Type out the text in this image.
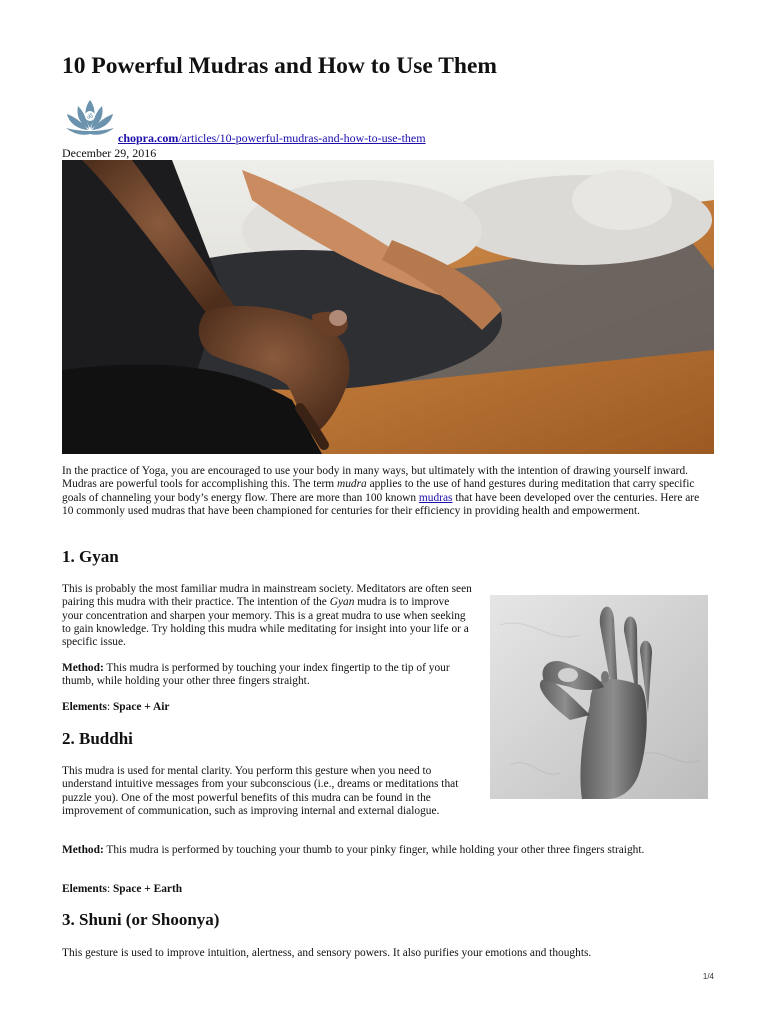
10 Powerful Mudras and How to Use Them
ॐ
chopra.com/articles/10-powerful-mudras-and-how-to-use-them
December 29, 2016

In the practice of Yoga, you are encouraged to use your body in many ways, but ultimately with the intention of drawing yourself inward. Mudras are powerful tools for accomplishing this. The term mudra applies to the use of hand gestures during meditation that carry specific goals of channeling your body’s energy flow. There are more than 100 known mudras that have been developed over the centuries. Here are 10 commonly used mudras that have been championed for centuries for their efficiency in providing health and empowerment.

1. Gyan

This is probably the most familiar mudra in mainstream society. Meditators are often seen pairing this mudra with their practice. The intention of the Gyan mudra is to improve your concentration and sharpen your memory. This is a great mudra to use when seeking to gain knowledge. Try holding this mudra while meditating for insight into your life or a specific issue.

Method: This mudra is performed by touching your index fingertip to the tip of your thumb, while holding your other three fingers straight.

Elements: Space + Air

2. Buddhi

This mudra is used for mental clarity. You perform this gesture when you need to understand intuitive messages from your subconscious (i.e., dreams or meditations that puzzle you). One of the most powerful benefits of this mudra can be found in the improvement of communication, such as improving internal and external dialogue.

Method: This mudra is performed by touching your thumb to your pinky finger, while holding your other three fingers straight.

Elements: Space + Earth

3. Shuni (or Shoonya)

This gesture is used to improve intuition, alertness, and sensory powers. It also purifies your emotions and thoughts.

1/4
